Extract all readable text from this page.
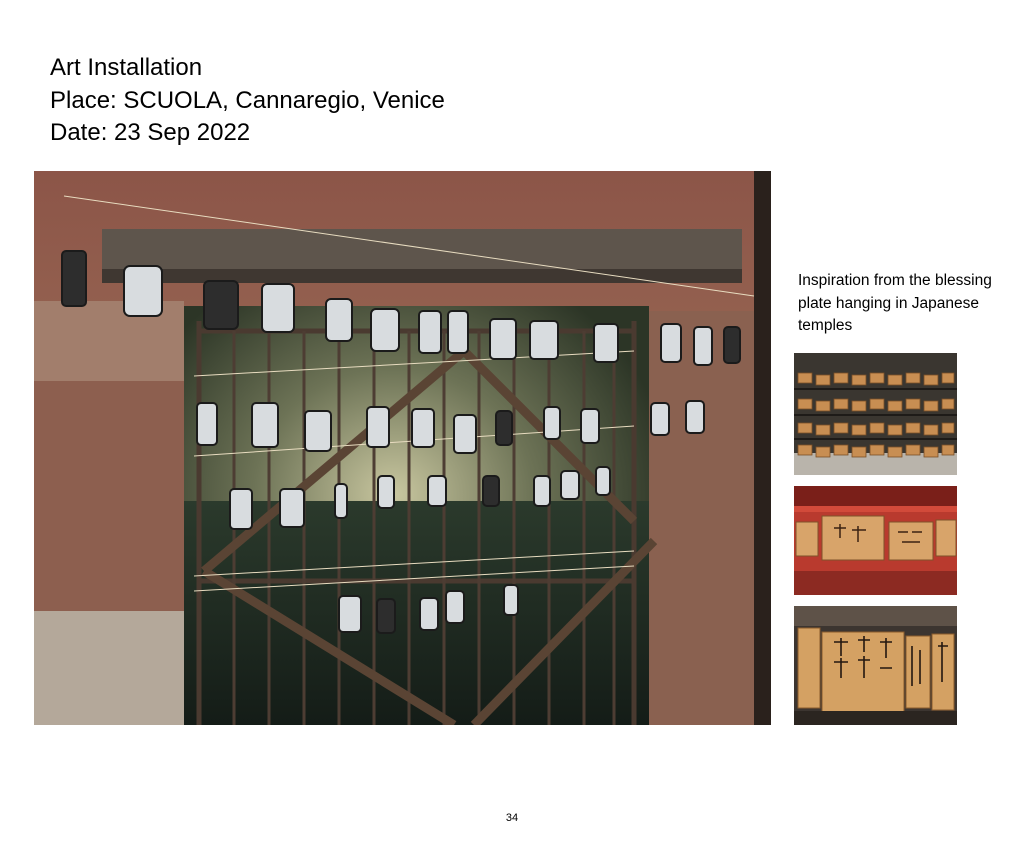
Art Installation
Place: SCUOLA, Cannaregio, Venice
Date: 23 Sep 2022
Inspiration from the blessing plate hanging in Japanese temples
34
